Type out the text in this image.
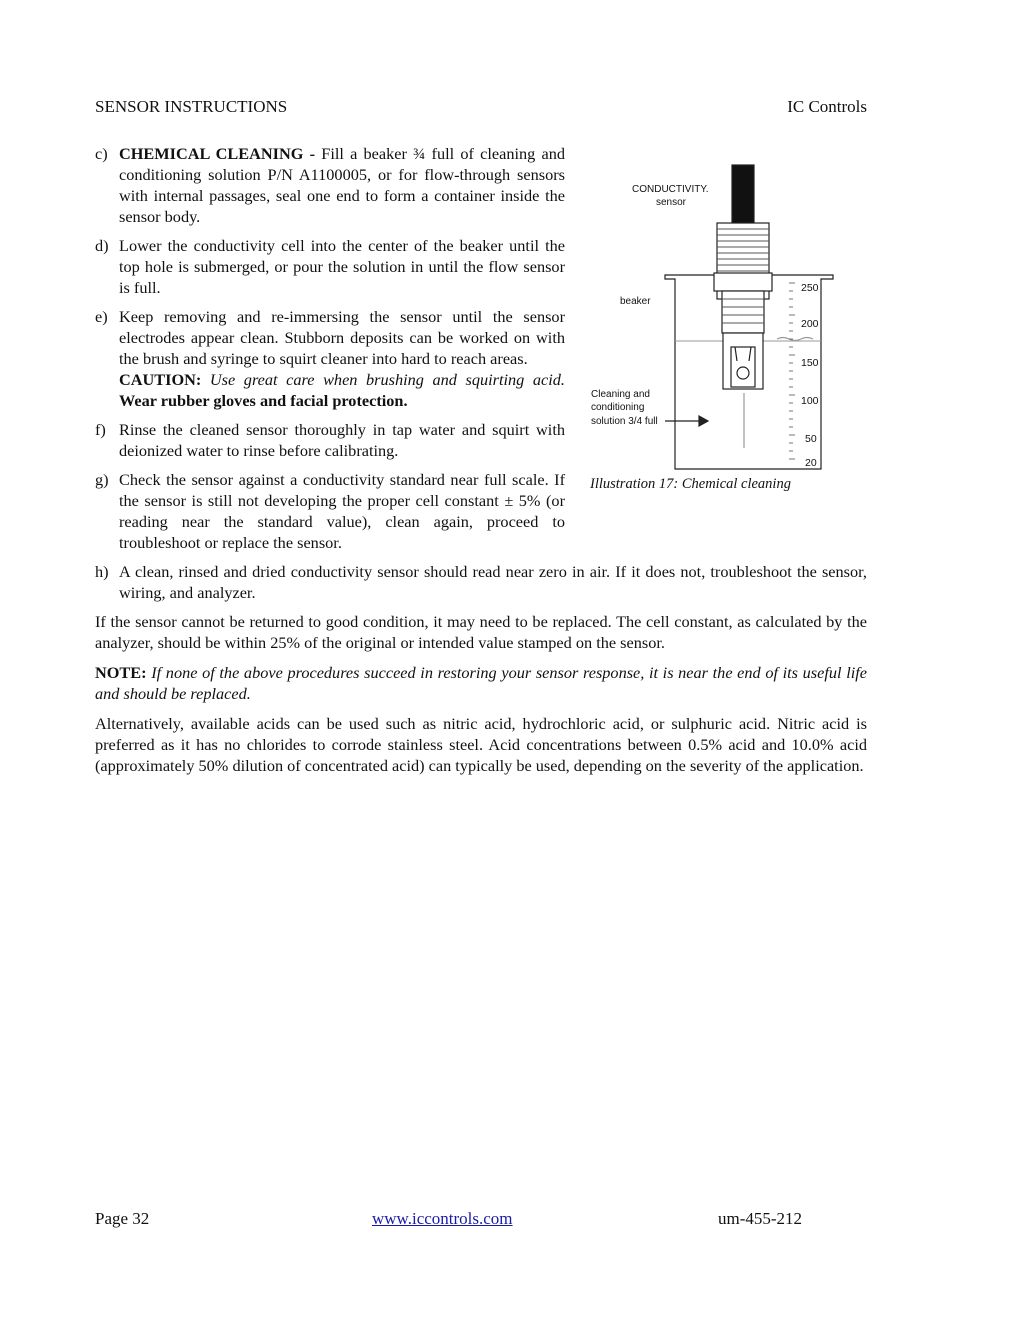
SENSOR INSTRUCTIONS	IC Controls
250
200
150
100
50
20
CONDUCTIVITY.
sensor
beaker
Cleaning and
conditioning
solution 3/4 full
Illustration 17: Chemical cleaning
c) CHEMICAL CLEANING - Fill a beaker ¾ full of cleaning and conditioning solution P/N A1100005, or for flow-through sensors with internal passages, seal one end to form a container inside the sensor body.
d) Lower the conductivity cell into the center of the beaker until the top hole is submerged, or pour the solution in until the flow sensor is full.
e) Keep removing and re-immersing the sensor until the sensor electrodes appear clean. Stubborn deposits can be worked on with the brush and syringe to squirt cleaner into hard to reach areas.
CAUTION: Use great care when brushing and squirting acid. Wear rubber gloves and facial protection.
f) Rinse the cleaned sensor thoroughly in tap water and squirt with deionized water to rinse before calibrating.
g) Check the sensor against a conductivity standard near full scale. If the sensor is still not developing the proper cell constant ± 5% (or reading near the standard value), clean again, proceed to troubleshoot or replace the sensor.
h) A clean, rinsed and dried conductivity sensor should read near zero in air. If it does not, troubleshoot the sensor, wiring, and analyzer.

If the sensor cannot be returned to good condition, it may need to be replaced. The cell constant, as calculated by the analyzer, should be within 25% of the original or intended value stamped on the sensor.

NOTE: If none of the above procedures succeed in restoring your sensor response, it is near the end of its useful life and should be replaced.

Alternatively, available acids can be used such as nitric acid, hydrochloric acid, or sulphuric acid. Nitric acid is preferred as it has no chlorides to corrode stainless steel. Acid concentrations between 0.5% acid and 10.0% acid (approximately 50% dilution of concentrated acid) can typically be used, depending on the severity of the application.

Page 32	www.iccontrols.com	um-455-212
